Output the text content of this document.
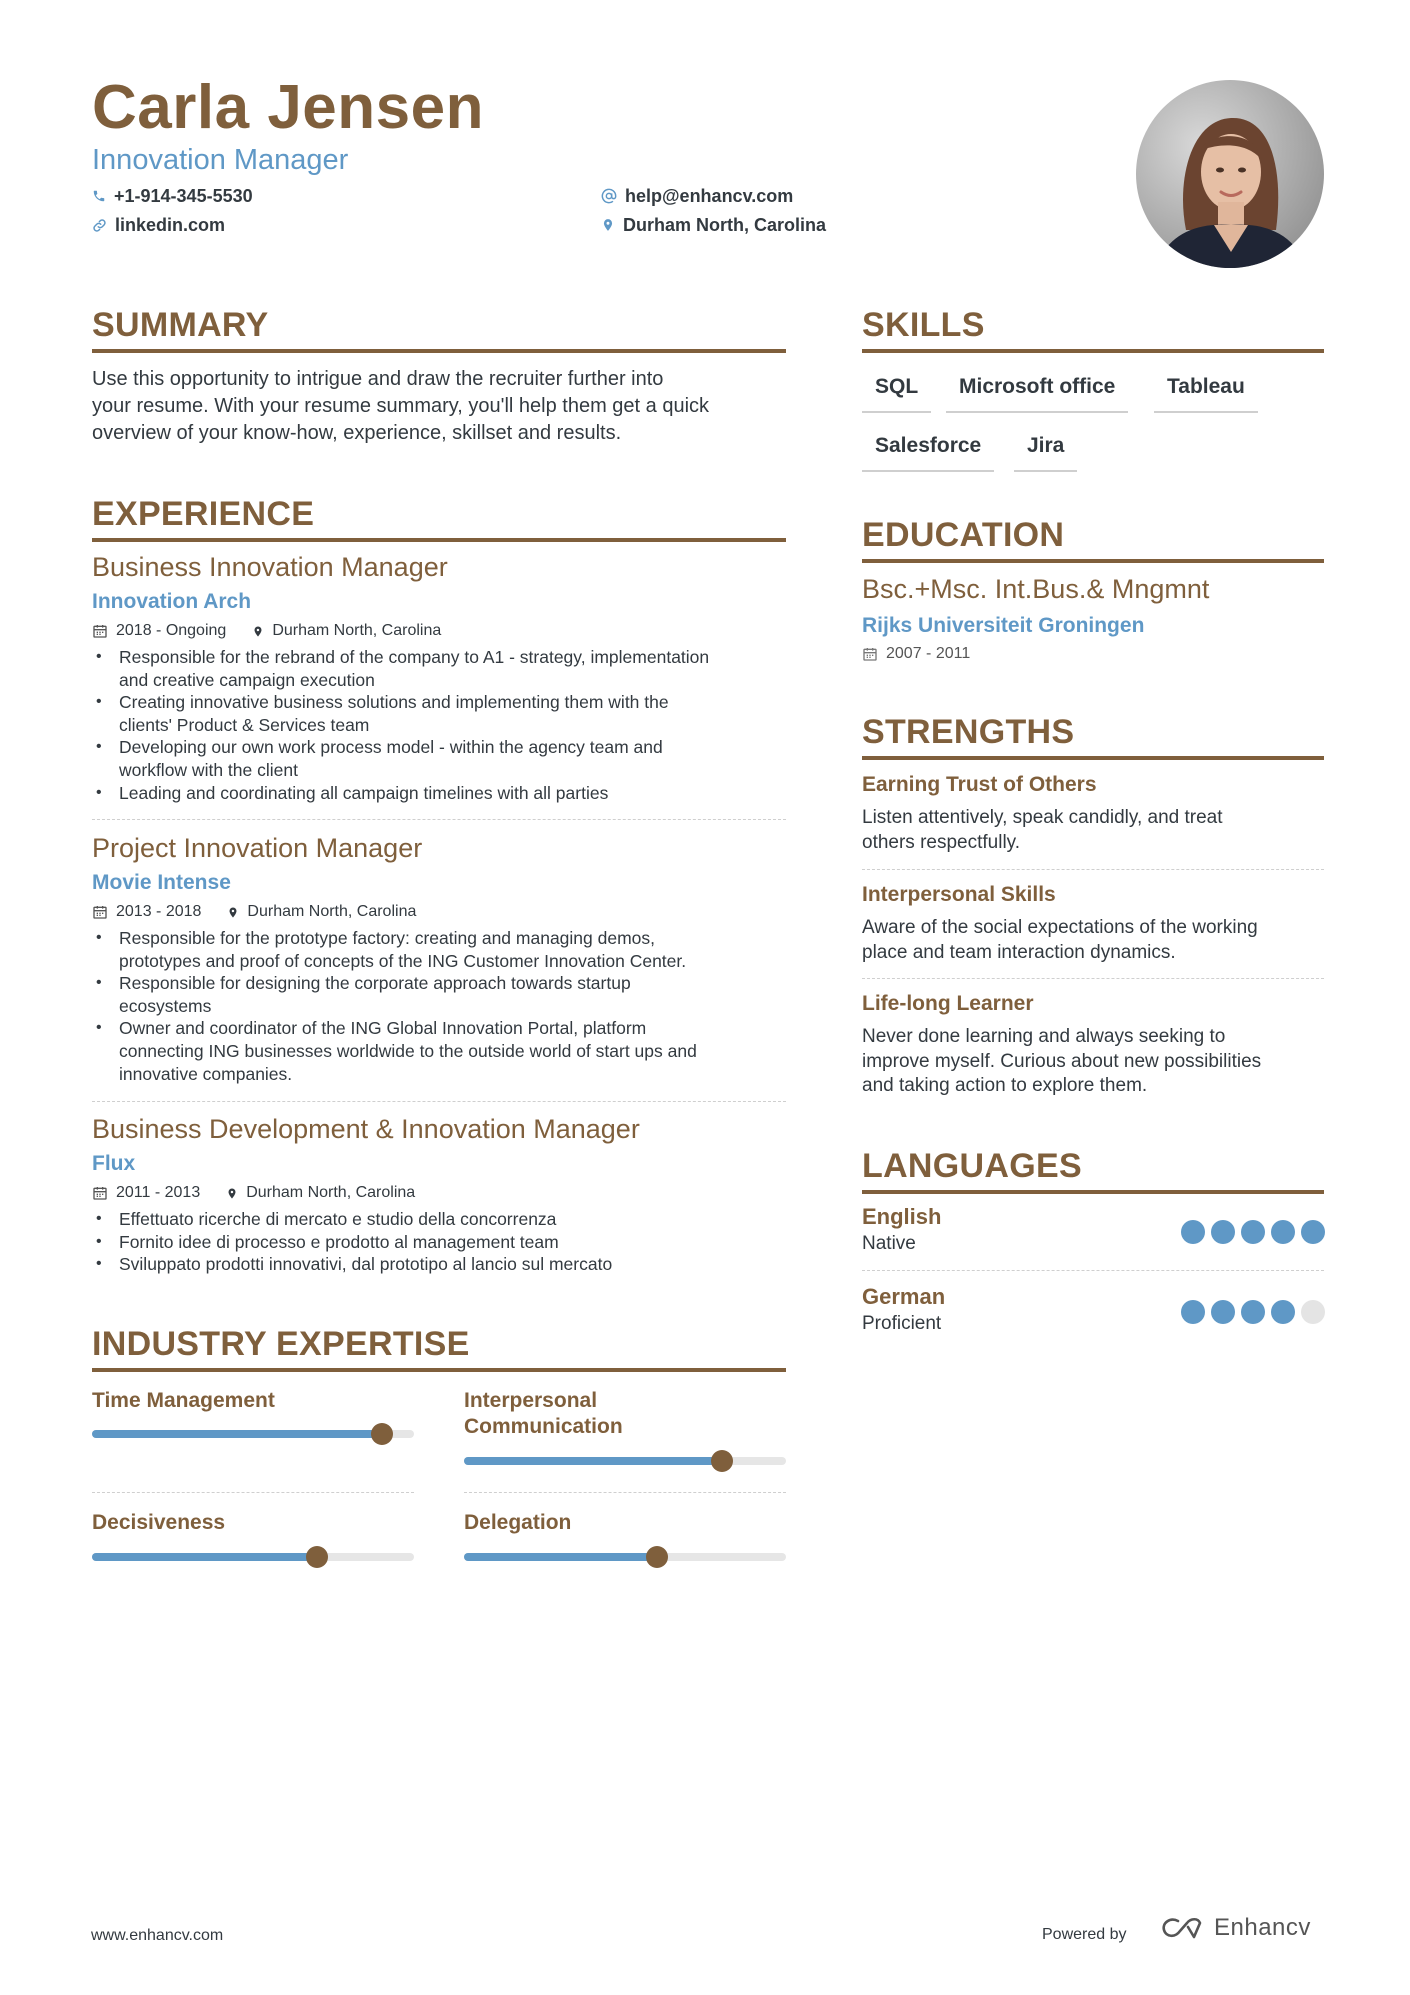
Carla Jensen
Innovation Manager
+1-914-345-5530
linkedin.com
help@enhancv.com
Durham North, Carolina
SUMMARY
Use this opportunity to intrigue and draw the recruiter further into
your resume. With your resume summary, you'll help them get a quick
overview of your know-how, experience, skillset and results.
EXPERIENCE
Business Innovation Manager
Innovation Arch
2018 - Ongoing	Durham North, Carolina
• Responsible for the rebrand of the company to A1 - strategy, implementation
and creative campaign execution
• Creating innovative business solutions and implementing them with the
clients' Product & Services team
• Developing our own work process model - within the agency team and
workflow with the client
• Leading and coordinating all campaign timelines with all parties
Project Innovation Manager
Movie Intense
2013 - 2018	Durham North, Carolina
• Responsible for the prototype factory: creating and managing demos,
prototypes and proof of concepts of the ING Customer Innovation Center.
• Responsible for designing the corporate approach towards startup
ecosystems
• Owner and coordinator of the ING Global Innovation Portal, platform
connecting ING businesses worldwide to the outside world of start ups and
innovative companies.
Business Development & Innovation Manager
Flux
2011 - 2013	Durham North, Carolina
• Effettuato ricerche di mercato e studio della concorrenza
• Fornito idee di processo e prodotto al management team
• Sviluppato prodotti innovativi, dal prototipo al lancio sul mercato
INDUSTRY EXPERTISE
Time Management	Interpersonal
Communication
Decisiveness	Delegation
SKILLS
SQL	Microsoft office	Tableau
Salesforce	Jira
EDUCATION
Bsc.+Msc. Int.Bus.& Mngmnt
Rijks Universiteit Groningen
2007 - 2011
STRENGTHS
Earning Trust of Others
Listen attentively, speak candidly, and treat
others respectfully.
Interpersonal Skills
Aware of the social expectations of the working
place and team interaction dynamics.
Life-long Learner
Never done learning and always seeking to
improve myself. Curious about new possibilities
and taking action to explore them.
LANGUAGES
English
Native
German
Proficient
www.enhancv.com	Powered by	Enhancv
